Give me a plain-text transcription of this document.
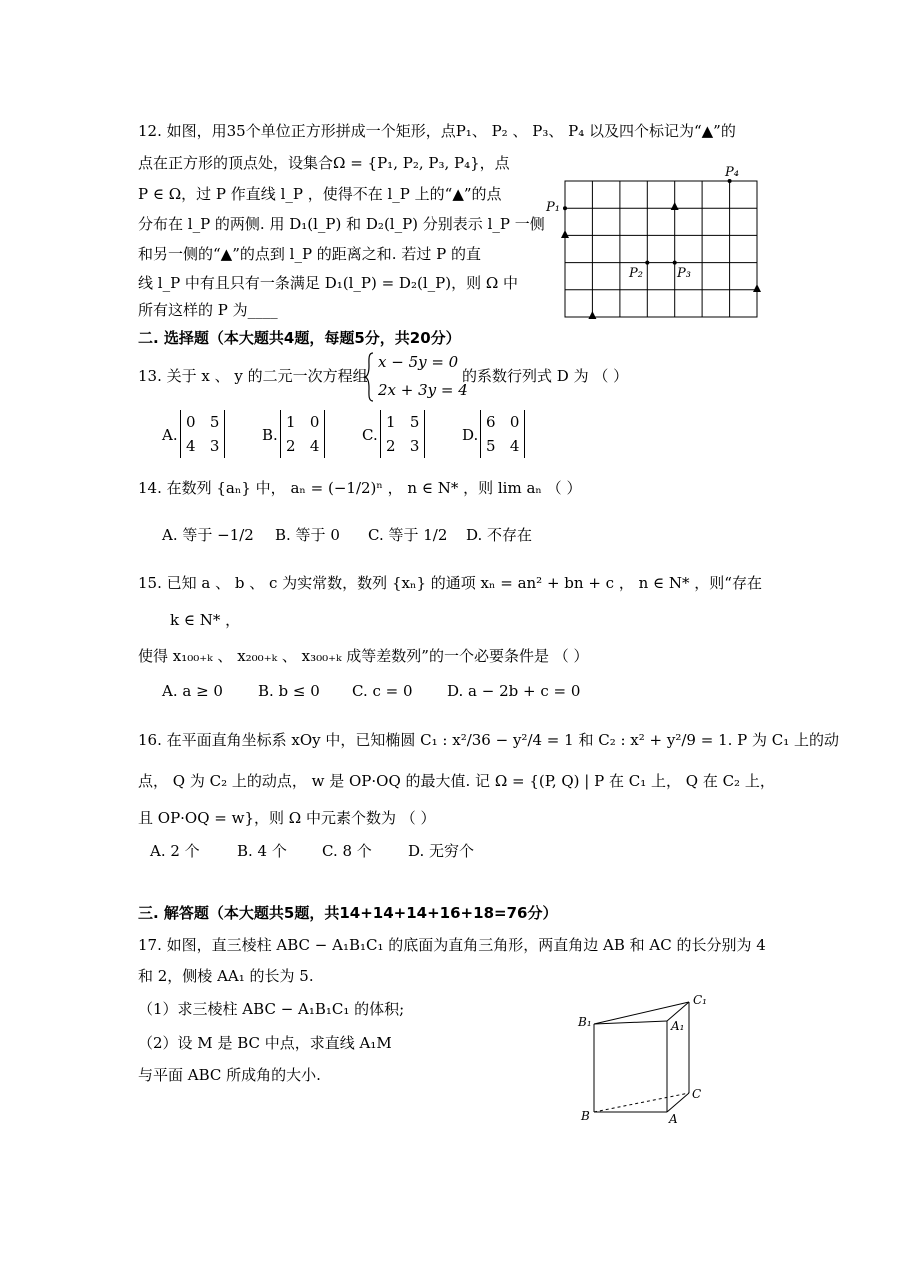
12. 如图，用35个单位正方形拼成一个矩形，点P₁、 P₂ 、 P₃、 P₄ 以及四个标记为“▲”的
点在正方形的顶点处，设集合Ω = {P₁, P₂, P₃, P₄}，点
P ∈ Ω，过 P 作直线 l_P ，使得不在 l_P 上的“▲”的点
分布在 l_P 的两侧. 用 D₁(l_P) 和 D₂(l_P) 分别表示 l_P 一侧
和另一侧的“▲”的点到 l_P 的距离之和. 若过 P 的直
线 l_P 中有且只有一条满足 D₁(l_P) = D₂(l_P)，则 Ω 中
所有这样的 P 为____
P₁
P₂	P₃
P₄
二. 选择题（本大题共4题，每题5分，共20分）
13. 关于 x 、 y 的二元一次方程组
x − 5y = 0
2x + 3y = 4
的系数行列式 D 为 （ ）
A.
0 5
4 3
B.
1 0
2 4
C.
1 5
2 3
D.
6 0
5 4
14. 在数列 {aₙ} 中， aₙ = (−1/2)ⁿ ， n ∈ N* ，则 lim aₙ （ ）
A. 等于 −1/2 B. 等于 0 C. 等于 1/2 D. 不存在
15. 已知 a 、 b 、 c 为实常数，数列 {xₙ} 的通项 xₙ = an² + bn + c ， n ∈ N* ，则“存在
k ∈ N* ，
使得 x₁₀₀₊ₖ 、 x₂₀₀₊ₖ 、 x₃₀₀₊ₖ 成等差数列”的一个必要条件是 （ ）
A. a ≥ 0 B. b ≤ 0 C. c = 0 D. a − 2b + c = 0
16. 在平面直角坐标系 xOy 中，已知椭圆 C₁ : x²/36 − y²/4 = 1 和 C₂ : x² + y²/9 = 1. P 为 C₁ 上的动
点， Q 为 C₂ 上的动点， w 是 OP·OQ 的最大值. 记 Ω = {(P, Q) | P 在 C₁ 上， Q 在 C₂ 上，
且 OP·OQ = w}，则 Ω 中元素个数为 （ ）
A. 2 个 B. 4 个 C. 8 个 D. 无穷个
三. 解答题（本大题共5题，共14+14+14+16+18=76分）
17. 如图，直三棱柱 ABC − A₁B₁C₁ 的底面为直角三角形，两直角边 AB 和 AC 的长分别为 4
和 2，侧棱 AA₁ 的长为 5.
（1）求三棱柱 ABC − A₁B₁C₁ 的体积;
（2）设 M 是 BC 中点，求直线 A₁M
与平面 ABC 所成角的大小.
B₁	A₁
C₁
B	A
C
